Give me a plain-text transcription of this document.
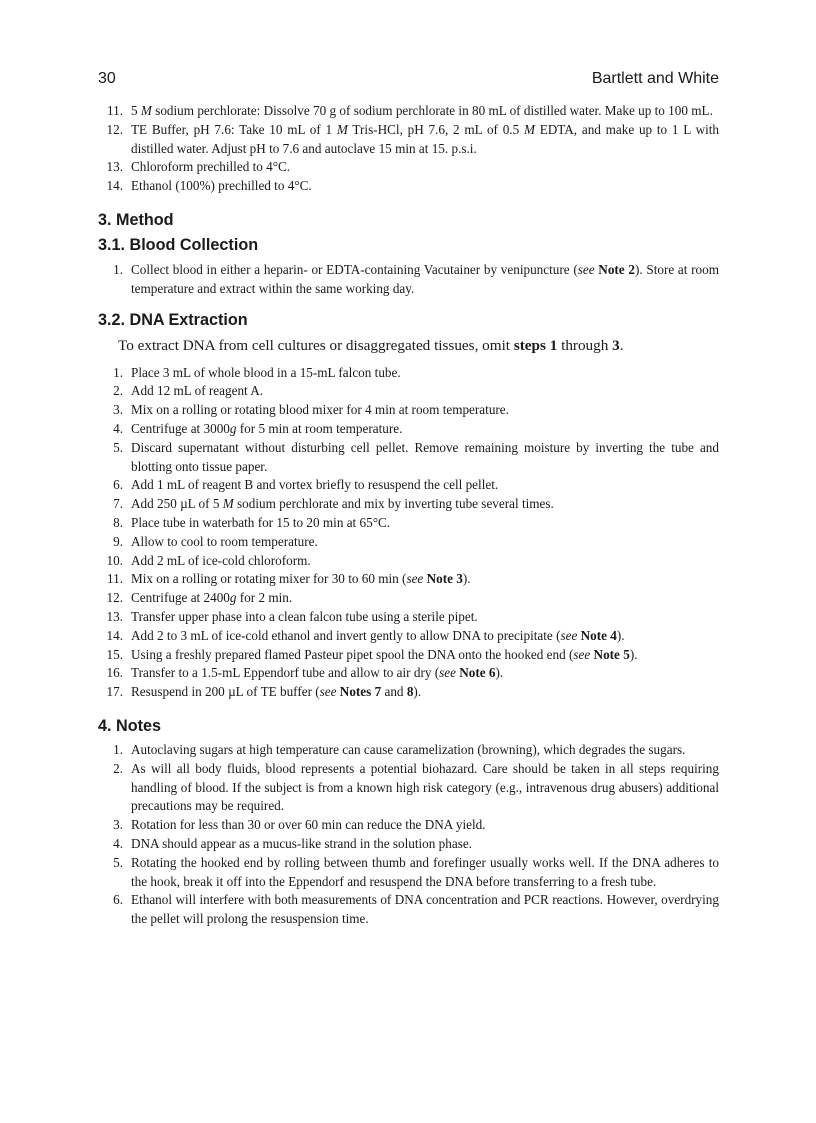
30	Bartlett and White
11. 5 M sodium perchlorate: Dissolve 70 g of sodium perchlorate in 80 mL of distilled water. Make up to 100 mL.
12. TE Buffer, pH 7.6: Take 10 mL of 1 M Tris-HCl, pH 7.6, 2 mL of 0.5 M EDTA, and make up to 1 L with distilled water. Adjust pH to 7.6 and autoclave 15 min at 15. p.s.i.
13. Chloroform prechilled to 4°C.
14. Ethanol (100%) prechilled to 4°C.
3. Method
3.1. Blood Collection
1. Collect blood in either a heparin- or EDTA-containing Vacutainer by venipuncture (see Note 2). Store at room temperature and extract within the same working day.
3.2. DNA Extraction

To extract DNA from cell cultures or disaggregated tissues, omit steps 1 through 3.

1. Place 3 mL of whole blood in a 15-mL falcon tube.
2. Add 12 mL of reagent A.
3. Mix on a rolling or rotating blood mixer for 4 min at room temperature.
4. Centrifuge at 3000g for 5 min at room temperature.
5. Discard supernatant without disturbing cell pellet. Remove remaining moisture by inverting the tube and blotting onto tissue paper.
6. Add 1 mL of reagent B and vortex briefly to resuspend the cell pellet.
7. Add 250 µL of 5 M sodium perchlorate and mix by inverting tube several times.
8. Place tube in waterbath for 15 to 20 min at 65°C.
9. Allow to cool to room temperature.
10. Add 2 mL of ice-cold chloroform.
11. Mix on a rolling or rotating mixer for 30 to 60 min (see Note 3).
12. Centrifuge at 2400g for 2 min.
13. Transfer upper phase into a clean falcon tube using a sterile pipet.
14. Add 2 to 3 mL of ice-cold ethanol and invert gently to allow DNA to precipitate (see Note 4).
15. Using a freshly prepared flamed Pasteur pipet spool the DNA onto the hooked end (see Note 5).
16. Transfer to a 1.5-mL Eppendorf tube and allow to air dry (see Note 6).
17. Resuspend in 200 µL of TE buffer (see Notes 7 and 8).
4. Notes
1. Autoclaving sugars at high temperature can cause caramelization (browning), which degrades the sugars.
2. As will all body fluids, blood represents a potential biohazard. Care should be taken in all steps requiring handling of blood. If the subject is from a known high risk category (e.g., intravenous drug abusers) additional precautions may be required.
3. Rotation for less than 30 or over 60 min can reduce the DNA yield.
4. DNA should appear as a mucus-like strand in the solution phase.
5. Rotating the hooked end by rolling between thumb and forefinger usually works well. If the DNA adheres to the hook, break it off into the Eppendorf and resuspend the DNA before transferring to a fresh tube.
6. Ethanol will interfere with both measurements of DNA concentration and PCR reactions. However, overdrying the pellet will prolong the resuspension time.
